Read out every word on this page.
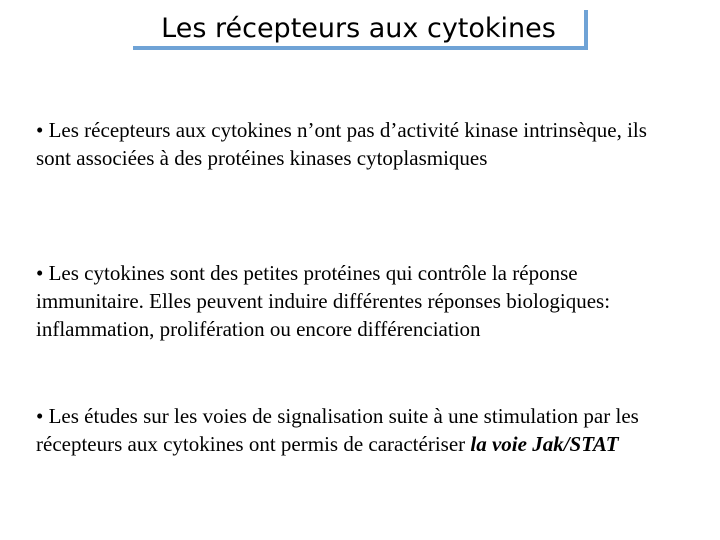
Les récepteurs aux cytokines
• Les récepteurs aux cytokines n’ont pas d’activité kinase intrinsèque, ils sont associées à des protéines kinases cytoplasmiques
• Les cytokines sont des petites protéines qui contrôle la réponse immunitaire. Elles peuvent induire différentes réponses biologiques: inflammation, prolifération ou encore différenciation
• Les études sur les voies de signalisation suite à une stimulation par les récepteurs aux cytokines ont permis de caractériser la voie Jak/STAT
